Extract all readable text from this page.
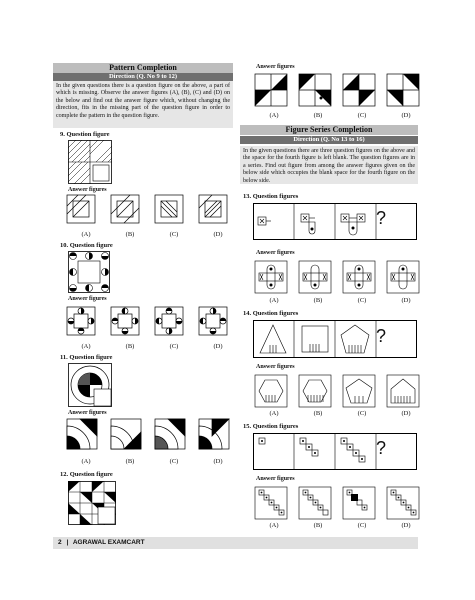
Pattern Completion
Direction (Q. No 9 to 12)
In the given questions there is a question figure on the above, a part of which is missing. Observe the answer figures (A), (B), (C) and (D) on the below and find out the answer figure which, without changing the direction, fits in the missing part of the question figure in order to complete the pattern in the question figure.
9. Question figure
Answer figures
(A)	(B)	(C)	(D)
10. Question figure
Answer figures
(A)	(B)	(C)	(D)
11. Question figure
Answer figures
(A)	(B)	(C)	(D)
12. Question figure
2 | AGRAWAL EXAMCART
Answer figures
(A)	(B)	(C)	(D)
Figure Series Completion
Direction (Q. No 13 to 16)
In the given questions there are three question figures on the above and the space for the fourth figure is left blank. The question figures are in a series. Find out figure from among the answer figures given on the below side which occupies the blank space for the fourth figure on the below side.
13. Question figures
?
Answer figures
(A)	(B)	(C)	(D)
14. Question figures
?
Answer figures
(A)	(B)	(C)	(D)
15. Question figures
?
Answer figures
(A)	(B)	(C)	(D)
